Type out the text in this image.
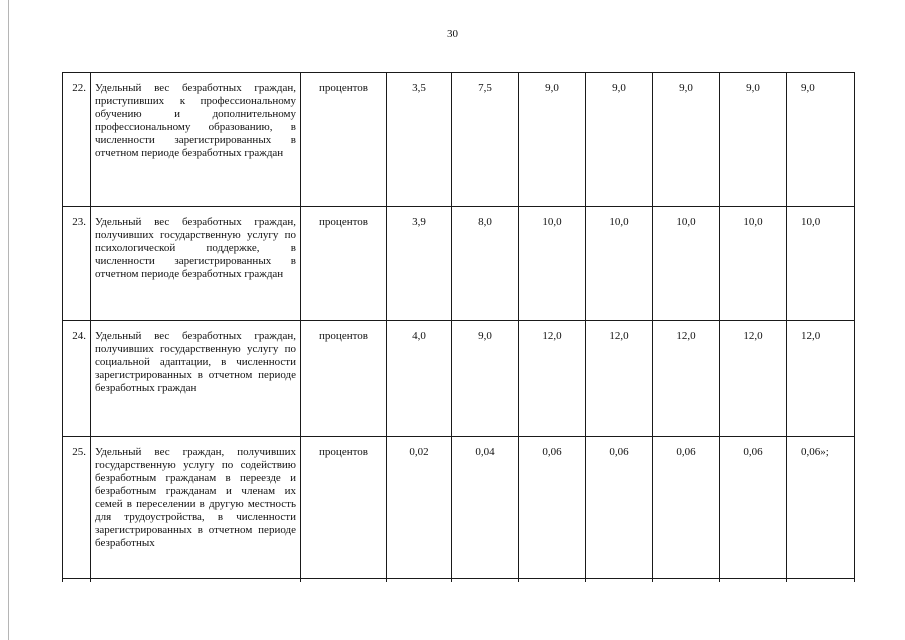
30
22.	Удельный вес безработных граждан, приступивших к профессиональному обучению и дополнительному профессиональному образованию, в численности зарегистрированных в отчетном периоде безработных граждан	процентов	3,5	7,5	9,0	9,0	9,0	9,0	9,0
23.	Удельный вес безработных граждан, получивших государственную услугу по психологической поддержке, в численности зарегистрированных в отчетном периоде безработных граждан	процентов	3,9	8,0	10,0	10,0	10,0	10,0	10,0
24.	Удельный вес безработных граждан, получивших государственную услугу по социальной адаптации, в численности зарегистрированных в отчетном периоде безработных граждан	процентов	4,0	9,0	12,0	12,0	12,0	12,0	12,0
25.	Удельный вес граждан, получивших государственную услугу по содействию безработным гражданам в переезде и безработным гражданам и членам их семей в переселении в другую местность для трудоустройства, в численности зарегистрированных в отчетном периоде безработных	процентов	0,02	0,04	0,06	0,06	0,06	0,06	0,06»;
